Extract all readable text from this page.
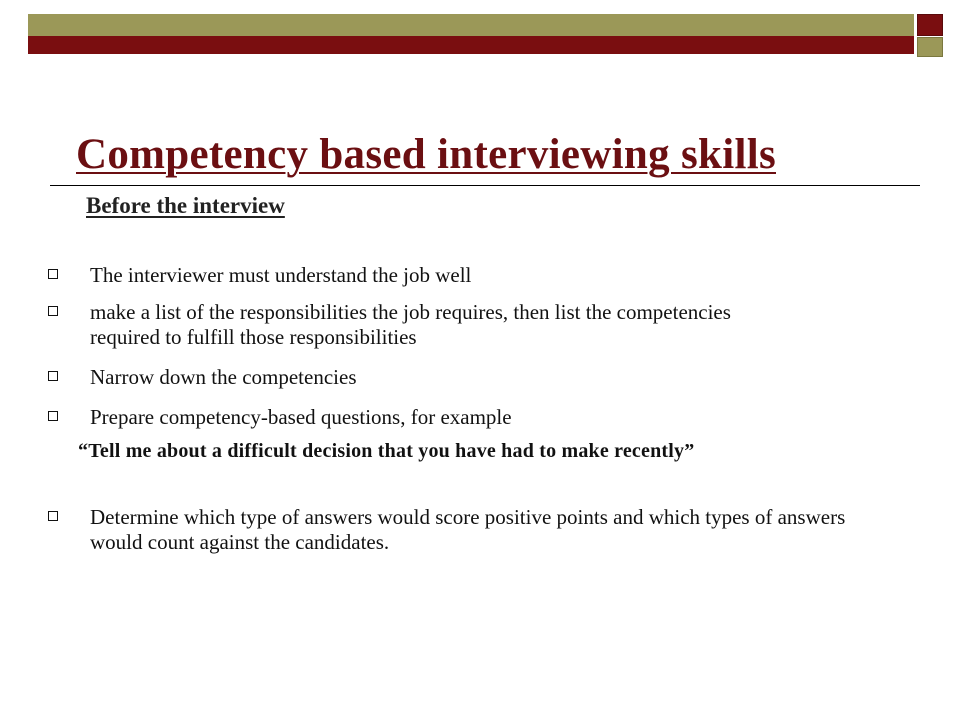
Competency based interviewing skills
Before the interview
The interviewer must understand the job well
make a list of the responsibilities the job requires, then list the competencies required to fulfill those responsibilities
Narrow down the competencies
Prepare competency-based questions, for example
Determine which type of answers would score positive points and which types of answers would count against the candidates.

“Tell me about a difficult decision that you have had to make recently”
